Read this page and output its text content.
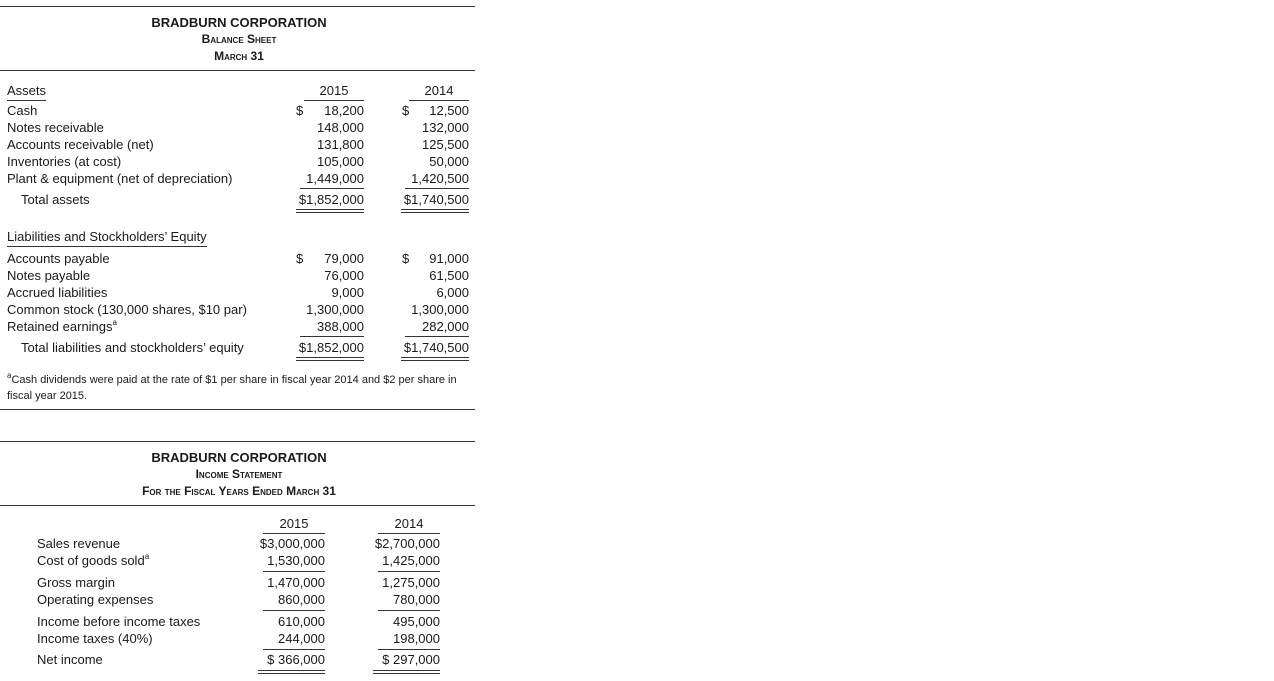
BRADBURN CORPORATION
Balance Sheet
March 31
Assets	2015	2014
Cash	$	18,200	$	12,500
Notes receivable	148,000	132,000
Accounts receivable (net)	131,800	125,500
Inventories (at cost)	105,000	50,000
Plant & equipment (net of depreciation)	1,449,000	1,420,500
Total assets	$1,852,000	$1,740,500
Liabilities and Stockholders’ Equity
Accounts payable	$	79,000	$	91,000
Notes payable	76,000	61,500
Accrued liabilities	9,000	6,000
Common stock (130,000 shares, $10 par)	1,300,000	1,300,000
Retained earnings$^a$	388,000	282,000
Total liabilities and stockholders’ equity	$1,852,000	$1,740,500
$^a$Cash dividends were paid at the rate of $1 per share in fiscal year 2014 and $2 per share in fiscal year 2015.
BRADBURN CORPORATION
Income Statement
For the Fiscal Years Ended March 31
2015	2014
Sales revenue	$3,000,000	$2,700,000
Cost of goods sold$^a$	1,530,000	1,425,000
Gross margin	1,470,000	1,275,000
Operating expenses	860,000	780,000
Income before income taxes	610,000	495,000
Income taxes (40%)	244,000	198,000
Net income	$ 366,000	$ 297,000
